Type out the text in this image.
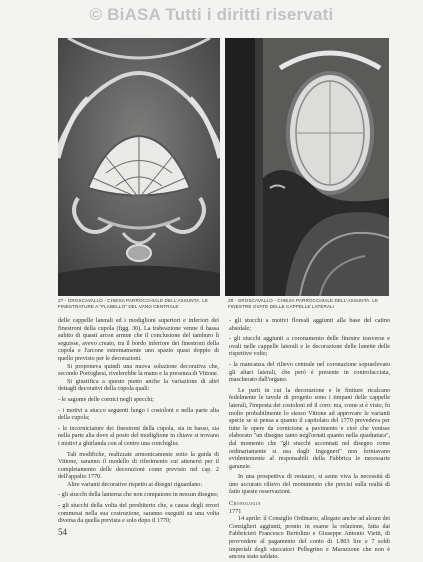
© BiASA Tutti i diritti riservati
27 - GROSCAVALLO - CHIESA PARROCCHIALE DELL'ASSUNTA. LE FINESTRATURE A "FLABELLO" DEL VANO CENTRALE
28 - GROSCAVALLO - CHIESA PARROCCHIALE DELL'ASSUNTA. LE FINESTRE OVATE DELLE CAPPELLE LATERALI

delle cappelle laterali ed i modiglioni superiori e inferiori dei finestroni della cupola (figg. 30). La trabeazione venne il bassa subito di quasti arcon armue che il conclusione del tamburo li seguisse, avevo creato, tra il bordo inferiore dei finestroni della cupola e l'arcone estremamente uno spazio quasi doppio di quello previsto per le decorazioni.

Si proponeva quindi una nuova soluzione decorativa che, secondo Portoghesi, rivelerebbe la mano e la presenza di Vittone.

Si giustifica a questo punto anche la variazione di altri dettagli decorativi della cupola quali:

- le sagome delle cornici negli specchi;

- i motivi a stucco seguenti lungo i costoloni e nella parte alta della cupola;

- le incorniciature dei finestroni della cupola, sia in basso, sia nella parte alta dove al posto del modiglione in chiave si trovano i motivi a ghirlanda con al centro una conchiglia;

Tali modifiche, realizzate armonicamente sotto la guida di Vittone, saranno il modello di riferimento cui attenersi per il completamento delle decorazioni come previsto nel cap. 2 dell'appalto 1770.

Altre varianti decorative rispetto ai disegni riguardano:

- gli stucchi della lanterna che non compaiono in nessun disegno;

- gli stucchi della volta del presbiterio che, a causa degli errori commessi nella sua costruzione, saranno eseguiti su una volta diversa da quella prevista e solo dopo il 1770;

- gli stucchi a motivi floreali aggiunti alla base del catino absidale;

- gli stucchi aggiunti a coronamento delle finestre trasverse e ovali nelle cappelle laterali e le decorazione delle lunette delle rispettive volte;

- la mancanza del rilievo centrale nel coronazione sopraelevato gli altari laterali, che però è presente in controfacciata, mascherato dall'organo.

Le parti in cui la decorazione e le finiture ricalcano fedelmente le tavole di progetto sono i timpani delle cappelle laterali, l'imposta dei costoloni ed il coro: ma, come si è visto, fu molto probabilmente lo stesso Vittone ad approvare le varianti specie se si pensa a quanto il capitolato del 1770 prevedeva per tutte le opere da cornicione a pavimento e cioè che venisse elaborato "un disegno tanto negl'ornati quanto nella quadratura", dal momento che "gli stucchi accennati nel disegno come ordinariamente si usa dagli Ingegneri" non forniavano evidentemente al responsabili della Fabbrica le necessarie garanzie.

In una prospettiva di restauro, si sente viva la necessità di uno accurato rilievo del monumento che precisi sulla realtà di fatto queste osservazioni.

Cronologia

1771

14 aprile: il Consiglio Ordinario, allegato anche ad alcuni dei Consiglieri aggiunti, pronto in esame la relazione, fatta dai Fabbricieri Francesco Bertolino e Giuseppe Antonio Vietti, di provvedere al pagamento del conto di 1.803 lire e 7 soldi imperiali degli stuccatori Pellegrino e Marazzone che non è ancora stato saldato.

54
